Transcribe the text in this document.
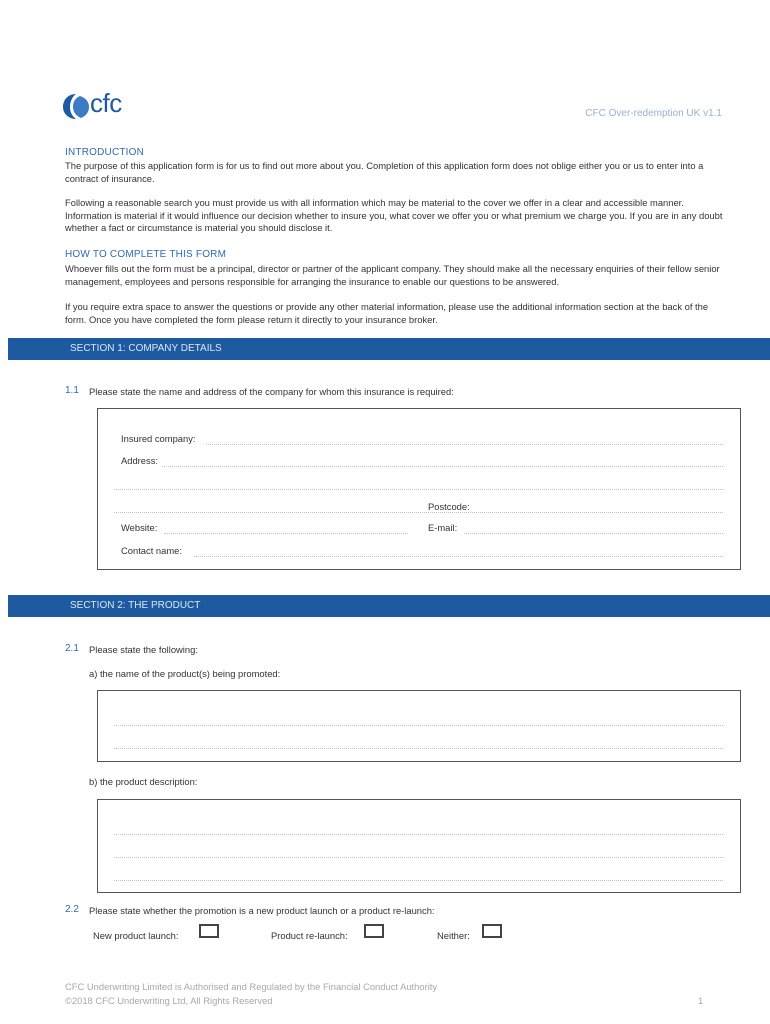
cfc	CFC Over-redemption UK v1.1
INTRODUCTION
The purpose of this application form is for us to find out more about you. Completion of this application form does not oblige either you or us to enter into a contract of insurance.
Following a reasonable search you must provide us with all information which may be material to the cover we offer in a clear and accessible manner. Information is material if it would influence our decision whether to insure you, what cover we offer you or what premium we charge you. If you are in any doubt whether a fact or circumstance is material you should disclose it.
HOW TO COMPLETE THIS FORM
Whoever fills out the form must be a principal, director or partner of the applicant company. They should make all the necessary enquiries of their fellow senior management, employees and persons responsible for arranging the insurance to enable our questions to be answered.
If you require extra space to answer the questions or provide any other material information, please use the additional information section at the back of the form. Once you have completed the form please return it directly to your insurance broker.
SECTION 1: COMPANY DETAILS
1.1 Please state the name and address of the company for whom this insurance is required:
Insured company:
Address:
Postcode:
Website:	E-mail:
Contact name:
SECTION 2: THE PRODUCT
2.1 Please state the following:
a) the name of the product(s) being promoted:
b) the product description:
2.2 Please state whether the promotion is a new product launch or a product re-launch:
New product launch:	Product re-launch:	Neither:
CFC Underwriting Limited is Authorised and Regulated by the Financial Conduct Authority
©2018 CFC Underwriting Ltd, All Rights Reserved	1
